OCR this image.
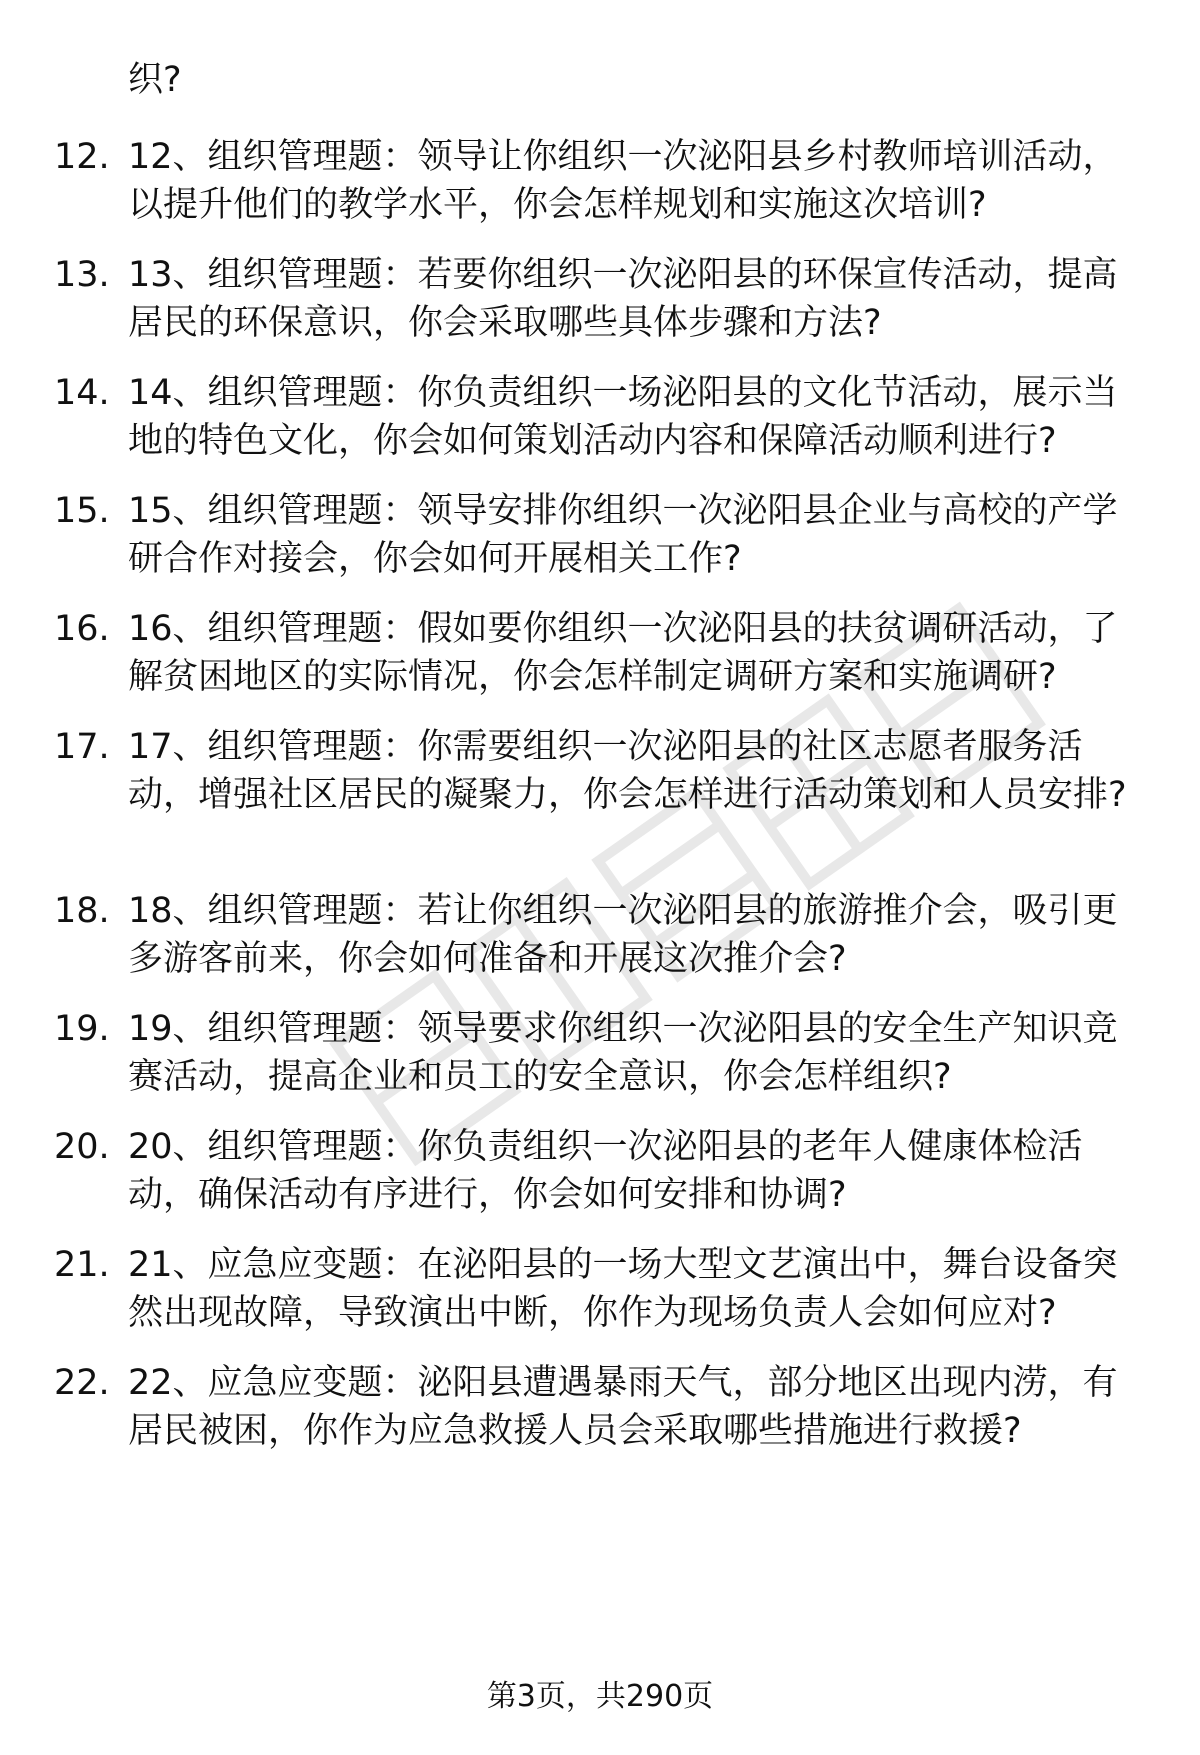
织?
12. 12、组织管理题：领导让你组织一次泌阳县乡村教师培训活动，以提升他们的教学水平，你会怎样规划和实施这次培训?
13. 13、组织管理题：若要你组织一次泌阳县的环保宣传活动，提高居民的环保意识，你会采取哪些具体步骤和方法?
14. 14、组织管理题：你负责组织一场泌阳县的文化节活动，展示当地的特色文化，你会如何策划活动内容和保障活动顺利进行?
15. 15、组织管理题：领导安排你组织一次泌阳县企业与高校的产学研合作对接会，你会如何开展相关工作?
16. 16、组织管理题：假如要你组织一次泌阳县的扶贫调研活动，了解贫困地区的实际情况，你会怎样制定调研方案和实施调研?
17. 17、组织管理题：你需要组织一次泌阳县的社区志愿者服务活动，增强社区居民的凝聚力，你会怎样进行活动策划和人员安排?
18. 18、组织管理题：若让你组织一次泌阳县的旅游推介会，吸引更多游客前来，你会如何准备和开展这次推介会?
19. 19、组织管理题：领导要求你组织一次泌阳县的安全生产知识竞赛活动，提高企业和员工的安全意识，你会怎样组织?
20. 20、组织管理题：你负责组织一次泌阳县的老年人健康体检活动，确保活动有序进行，你会如何安排和协调?
21. 21、应急应变题：在泌阳县的一场大型文艺演出中，舞台设备突然出现故障，导致演出中断，你作为现场负责人会如何应对?
22. 22、应急应变题：泌阳县遭遇暴雨天气，部分地区出现内涝，有居民被困，你作为应急救援人员会采取哪些措施进行救援?
第3页，共290页
